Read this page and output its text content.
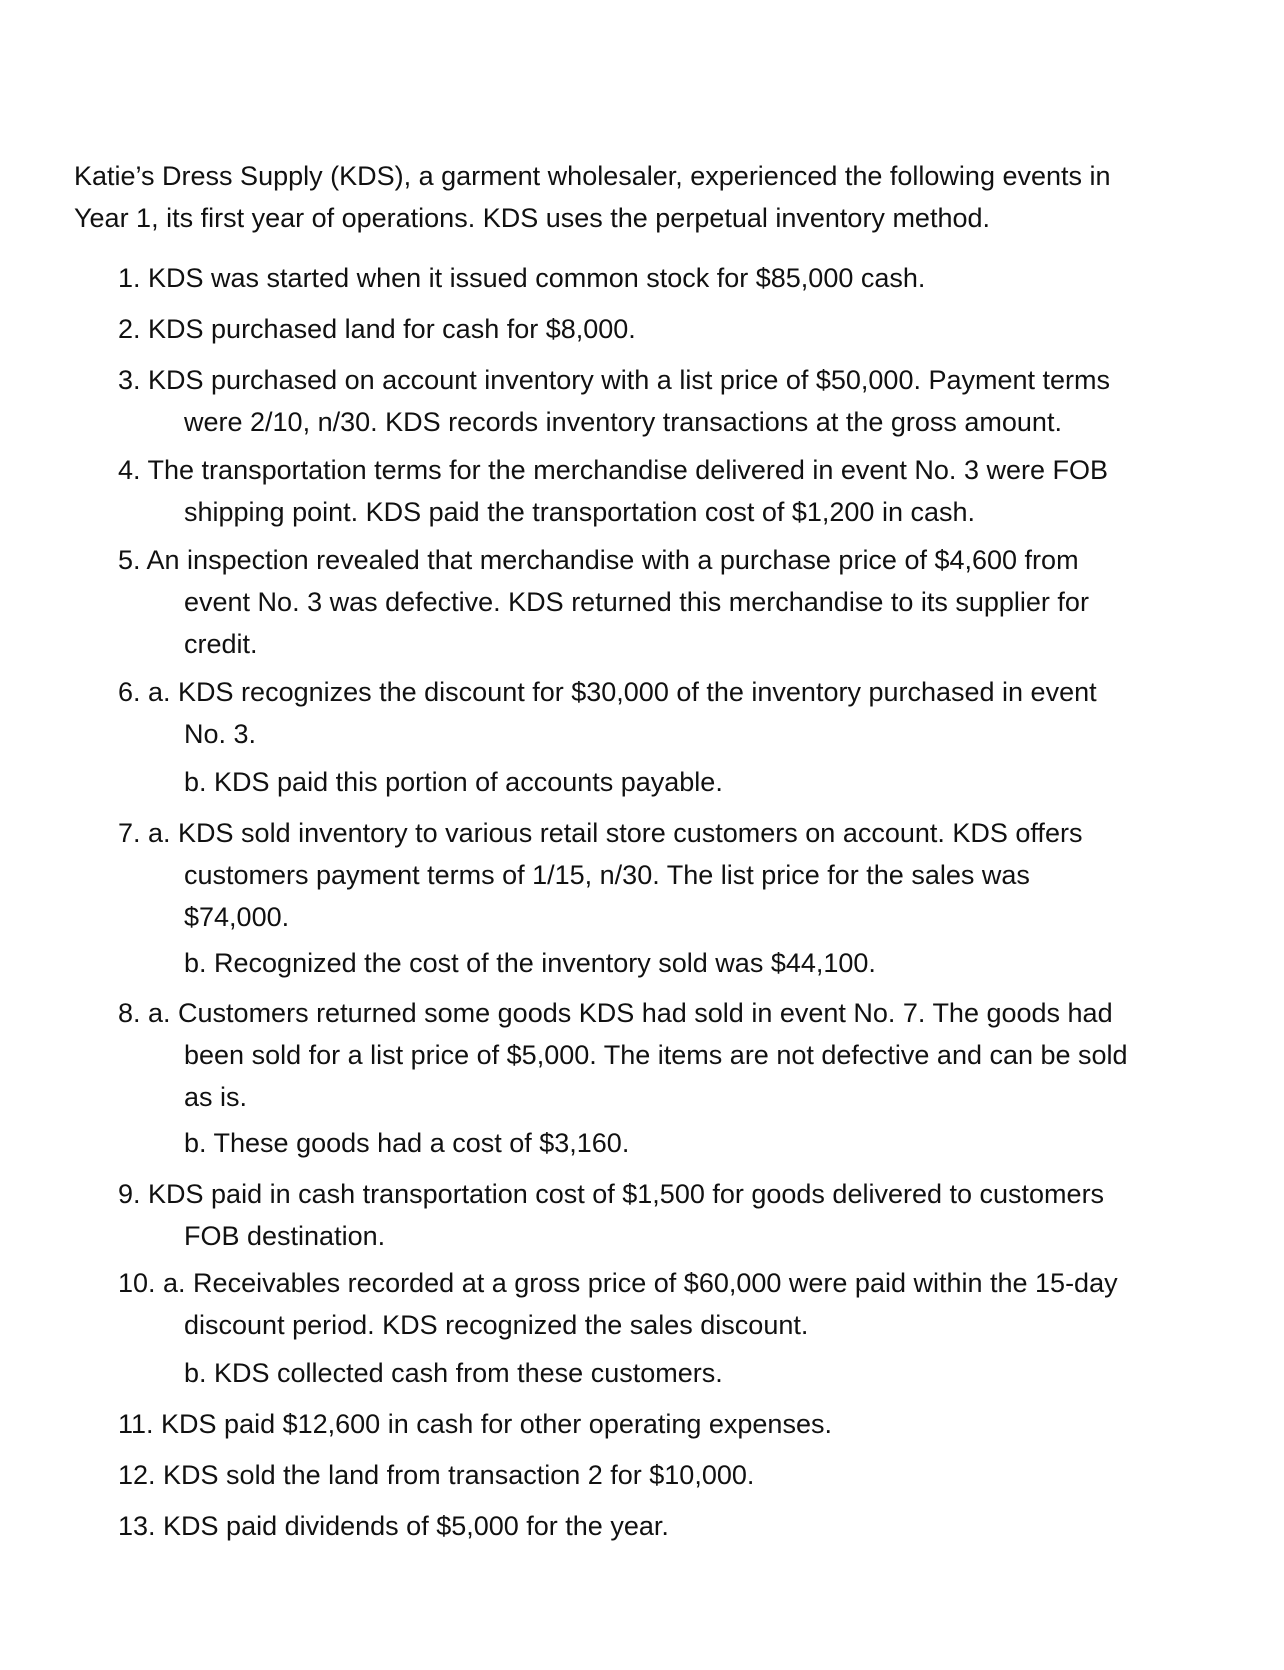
Katie’s Dress Supply (KDS), a garment wholesaler, experienced the following events in
Year 1, its first year of operations. KDS uses the perpetual inventory method.
1. KDS was started when it issued common stock for $85,000 cash.
2. KDS purchased land for cash for $8,000.
3. KDS purchased on account inventory with a list price of $50,000. Payment terms
were 2/10, n/30. KDS records inventory transactions at the gross amount.
4. The transportation terms for the merchandise delivered in event No. 3 were FOB
shipping point. KDS paid the transportation cost of $1,200 in cash.
5. An inspection revealed that merchandise with a purchase price of $4,600 from
event No. 3 was defective. KDS returned this merchandise to its supplier for
credit.
6. a. KDS recognizes the discount for $30,000 of the inventory purchased in event
No. 3.
b. KDS paid this portion of accounts payable.
7. a. KDS sold inventory to various retail store customers on account. KDS offers
customers payment terms of 1/15, n/30. The list price for the sales was
$74,000.
b. Recognized the cost of the inventory sold was $44,100.
8. a. Customers returned some goods KDS had sold in event No. 7. The goods had
been sold for a list price of $5,000. The items are not defective and can be sold
as is.
b. These goods had a cost of $3,160.
9. KDS paid in cash transportation cost of $1,500 for goods delivered to customers
FOB destination.
10. a. Receivables recorded at a gross price of $60,000 were paid within the 15-day
discount period. KDS recognized the sales discount.
b. KDS collected cash from these customers.
11. KDS paid $12,600 in cash for other operating expenses.
12. KDS sold the land from transaction 2 for $10,000.
13. KDS paid dividends of $5,000 for the year.
